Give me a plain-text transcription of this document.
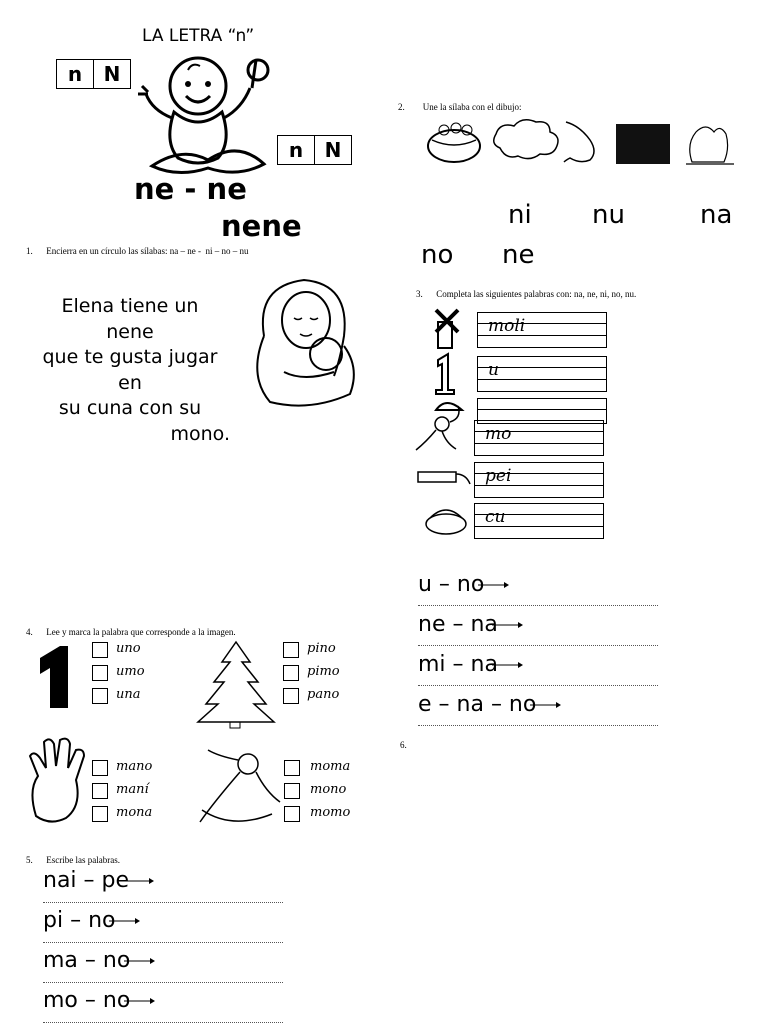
LA LETRA “n”
n	N
n	N
ne - ne
nene
1.      Encierra en un círculo las sílabas: na – ne -  ni – no – nu
Elena tiene un
nene
que te gusta jugar
en
su cuna con su
mono.
2.        Une la sílaba con el dibujo:
ni nu	na
no ne
3.      Completa las siguientes palabras con: na, ne, ni, no, nu.
moli
u
mo
pei
cu
u – no
ne – na
mi – na
e – na – no
6.
4.      Lee y marca la palabra que corresponde a la imagen.
uno
umo
una
pino
pimo
pano
mano
maní
mona
moma
mono
momo
5.      Escribe las palabras.
nai – pe
pi – no
ma – no
mo – no
